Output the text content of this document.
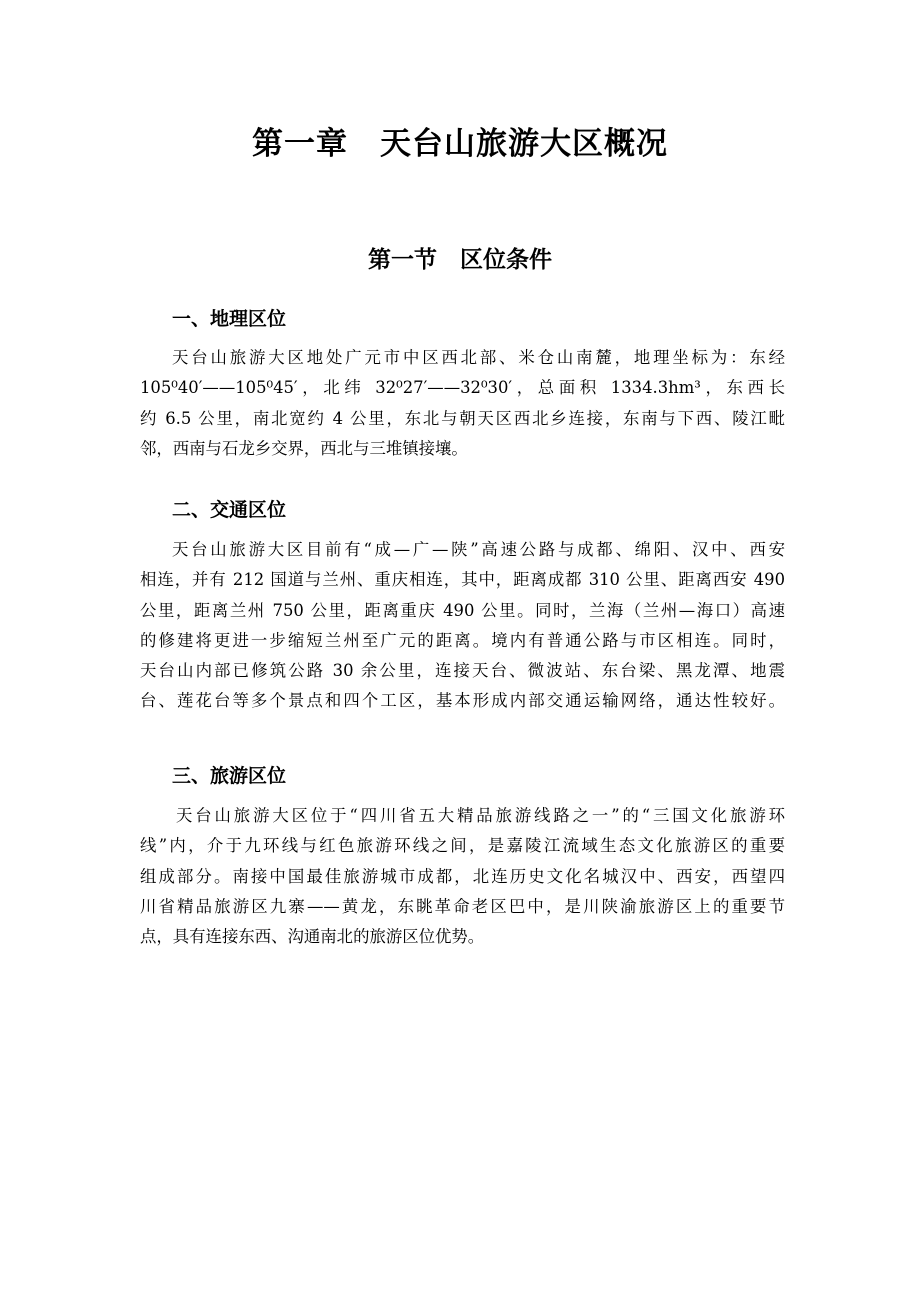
第一章　天台山旅游大区概况
第一节　区位条件
一、地理区位
天台山旅游大区地处广元市中区西北部、米仓山南麓，地理坐标为：东经
105⁰40′——105⁰45′，北纬 32⁰27′——32⁰30′，总面积 1334.3hm³，东西长
约 6.5 公里，南北宽约 4 公里，东北与朝天区西北乡连接，东南与下西、陵江毗
邻，西南与石龙乡交界，西北与三堆镇接壤。
二、交通区位
天台山旅游大区目前有“成—广—陕”高速公路与成都、绵阳、汉中、西安
相连，并有 212 国道与兰州、重庆相连，其中，距离成都 310 公里、距离西安 490
公里，距离兰州 750 公里，距离重庆 490 公里。同时，兰海（兰州—海口）高速
的修建将更进一步缩短兰州至广元的距离。境内有普通公路与市区相连。同时，
天台山内部已修筑公路 30 余公里，连接天台、微波站、东台梁、黑龙潭、地震
台、莲花台等多个景点和四个工区，基本形成内部交通运输网络，通达性较好。
三、旅游区位
天台山旅游大区位于“四川省五大精品旅游线路之一”的“三国文化旅游环
线”内，介于九环线与红色旅游环线之间，是嘉陵江流域生态文化旅游区的重要
组成部分。南接中国最佳旅游城市成都，北连历史文化名城汉中、西安，西望四
川省精品旅游区九寨——黄龙，东眺革命老区巴中，是川陕渝旅游区上的重要节
点，具有连接东西、沟通南北的旅游区位优势。
